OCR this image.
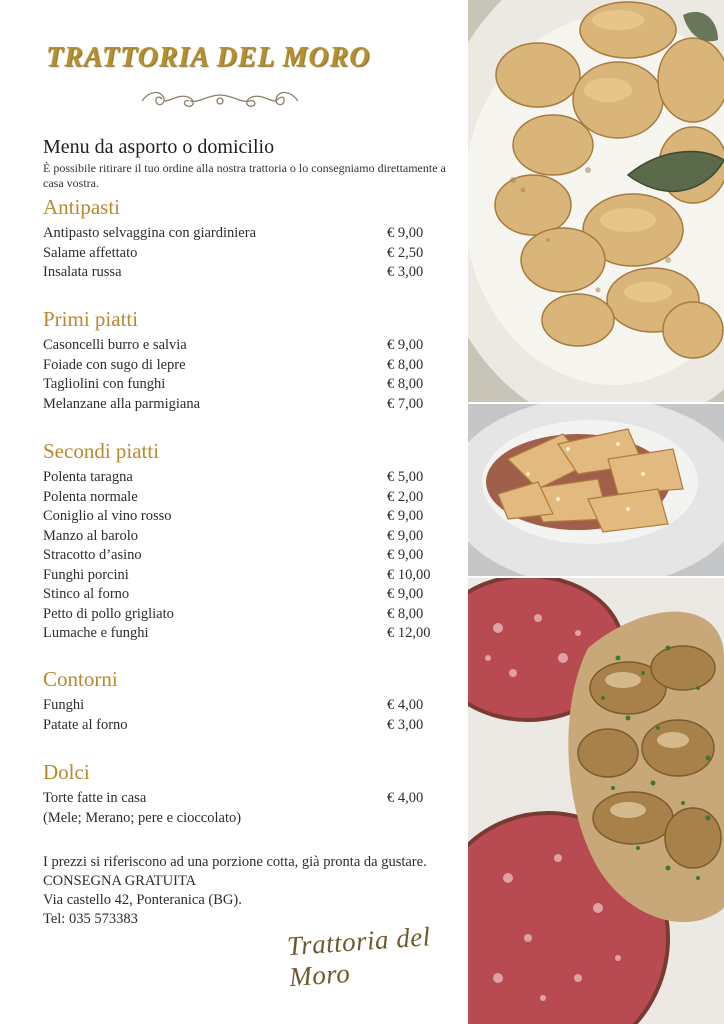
TRATTORIA DEL MORO
Menu da asporto o domicilio
È possibile ritirare il tuo ordine alla nostra trattoria o lo consegniamo direttamente a casa vostra.
Antipasti
Antipasto selvaggina con giardiniera	€ 9,00
Salame affettato	€ 2,50
Insalata russa	€ 3,00
Primi piatti
Casoncelli burro e salvia	€ 9,00
Foiade con sugo di lepre	€ 8,00
Tagliolini con funghi	€ 8,00
Melanzane alla parmigiana	€ 7,00
Secondi piatti
Polenta taragna	€ 5,00
Polenta normale	€ 2,00
Coniglio al vino rosso	€ 9,00
Manzo al barolo	€ 9,00
Stracotto d’asino	€ 9,00
Funghi porcini	€ 10,00
Stinco al forno	€ 9,00
Petto di pollo grigliato	€ 8,00
Lumache e funghi	€ 12,00
Contorni
Funghi	€ 4,00
Patate al forno	€ 3,00
Dolci
Torte fatte in casa	€ 4,00
(Mele; Merano; pere e cioccolato)
I prezzi si riferiscono ad una porzione cotta, già pronta da gustare.
CONSEGNA GRATUITA
Via castello 42, Ponteranica (BG).
Tel: 035 573383
Trattoria del Moro
